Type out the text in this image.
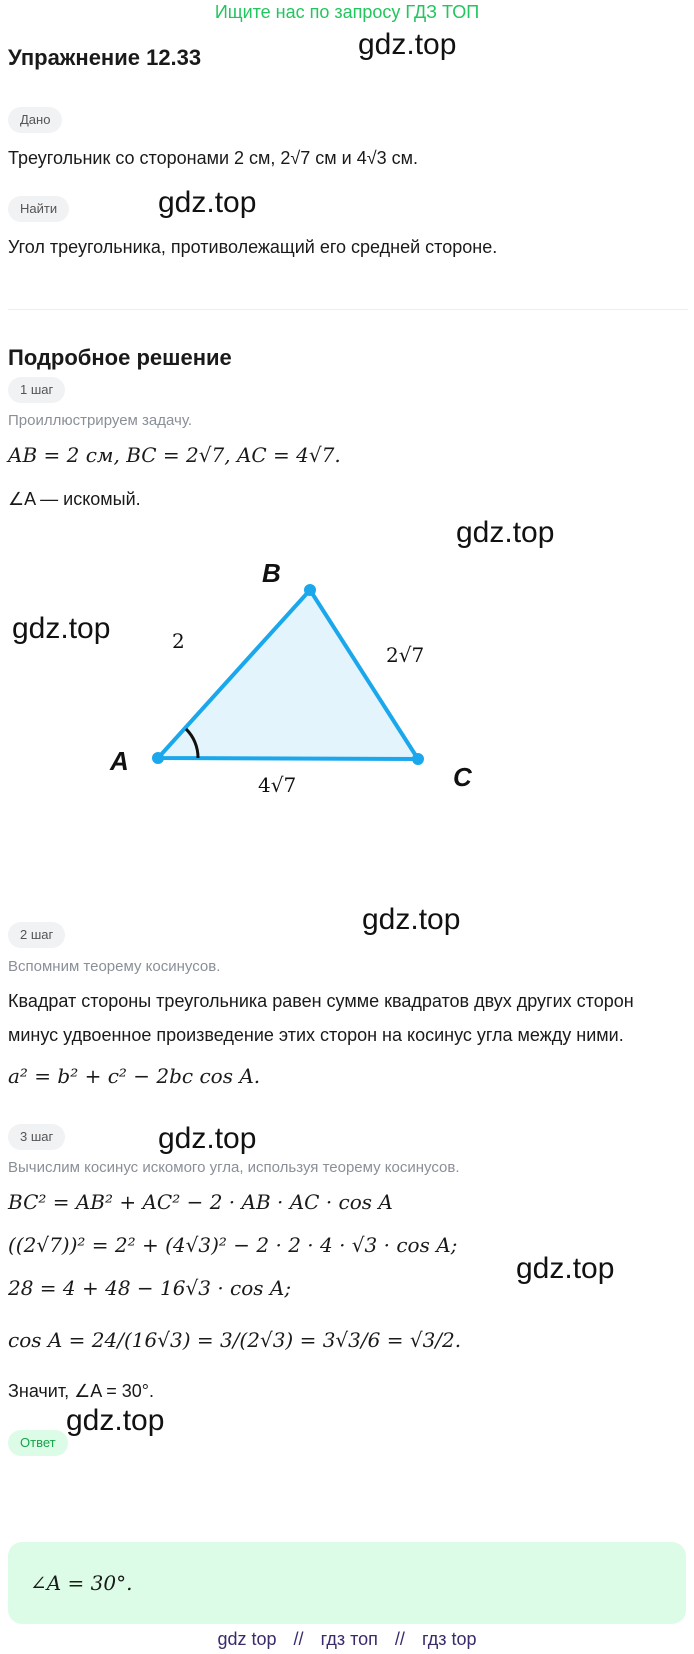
Ищите нас по запросу ГДЗ ТОП
Упражнение 12.33	gdz.top
gdz.top
gdz.top
gdz.top
gdz.top
gdz.top
gdz.top
gdz.top
Дано
Треугольник со сторонами 2 см, 2√7 см и 4√3 см.
Найти
Угол треугольника, противолежащий его средней стороне.
Подробное решение
1 шаг
Проиллюстрируем задачу.
AB = 2 см, BC = 2√7, AC = 4√7.
∠A — искомый.
A
B
C
2
2√7
4√7
2 шаг
Вспомним теорему косинусов.
Квадрат стороны треугольника равен сумме квадратов двух других сторон
минус удвоенное произведение этих сторон на косинус угла между ними.
a² = b² + c² − 2bc cos A.
3 шаг
Вычислим косинус искомого угла, используя теорему косинусов.
BC² = AB² + AC² − 2 · AB · AC · cos A
((2√7))² = 2² + (4√3)² − 2 · 2 · 4 · √3 · cos A;
28 = 4 + 48 − 16√3 · cos A;
cos A = 24/(16√3) = 3/(2√3) = 3√3/6 = √3/2.
Значит, ∠A = 30°.
Ответ
∠A = 30°.
gdz top // гдз топ // гдз top
